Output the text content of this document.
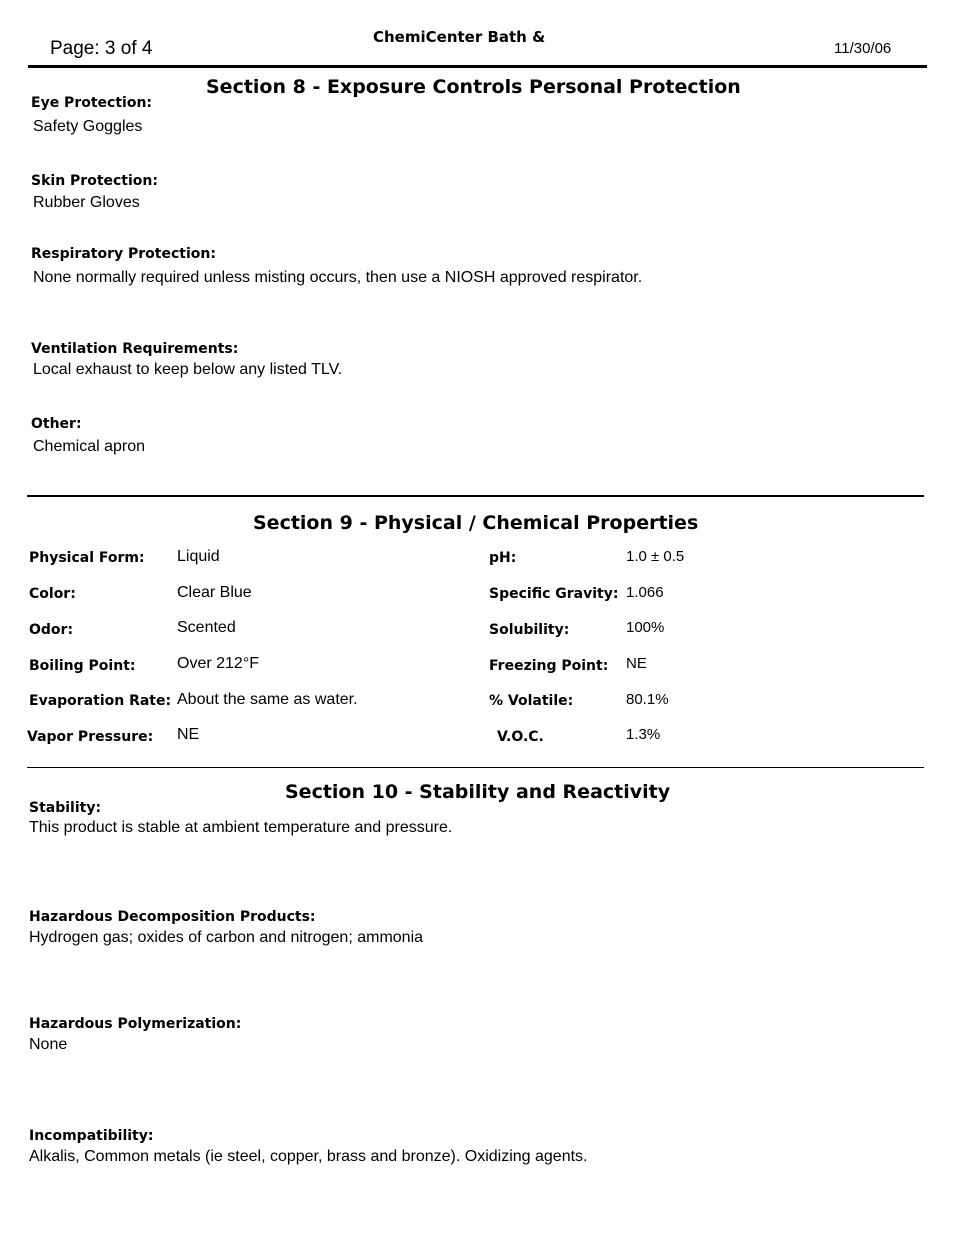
Page: 3 of 4
ChemiCenter Bath &
11/30/06
Section 8 - Exposure Controls Personal Protection
Eye Protection:
Safety Goggles
Skin Protection:
Rubber Gloves
Respiratory Protection:
None normally required unless misting occurs, then use a NIOSH approved respirator.
Ventilation Requirements:
Local exhaust to keep below any listed TLV.
Other:
Chemical apron
Section 9 - Physical / Chemical Properties
Physical Form: Liquid	pH:	1.0 ± 0.5
Color:	Clear Blue	Specific Gravity: 1.066
Odor:	Scented	Solubility:	100%
Boiling Point:	Over 212°F	Freezing Point: NE
Evaporation Rate: About the same as water.	% Volatile:	80.1%
Vapor Pressure: NE	V.O.C.	1.3%
Section 10 - Stability and Reactivity
Stability:
This product is stable at ambient temperature and pressure.
Hazardous Decomposition Products:
Hydrogen gas; oxides of carbon and nitrogen; ammonia
Hazardous Polymerization:
None
Incompatibility:
Alkalis, Common metals (ie steel, copper, brass and bronze). Oxidizing agents.
